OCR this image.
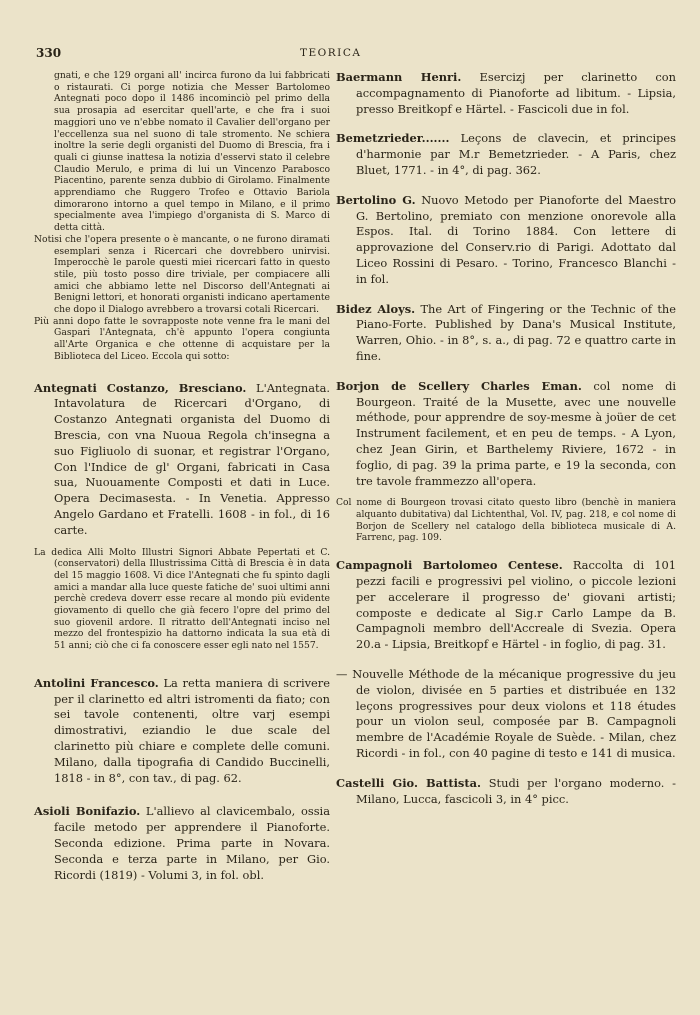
330	TEORICA

gnati, e che 129 organi all' incirca furono da lui fabbricati o ristaurati. Ci porge notizia che Messer Bartolomeo Antegnati poco dopo il 1486 incominciò pel primo della sua prosapia ad esercitar quell'arte, e che fra i suoi maggiori uno ve n'ebbe nomato il Cavalier dell'organo per l'eccellenza sua nel suono di tale stromento. Ne schiera inoltre la serie degli organisti del Duomo di Brescia, fra i quali ci giunse inattesa la notizia d'esservi stato il celebre Claudio Merulo, e prima di lui un Vincenzo Parabosco Piacentino, parente senza dubbio di Girolamo. Finalmente apprendiamo che Ruggero Trofeo e Ottavio Bariola dimorarono intorno a quel tempo in Milano, e il primo specialmente avea l'impiego d'organista di S. Marco di detta città.

Notisi che l'opera presente o è mancante, o ne furono diramati esemplari senza i Ricercari che dovrebbero unirvisi. Imperocchè le parole questi miei ricercari fatto in questo stile, più tosto posso dire triviale, per compiacere alli amici che abbiamo lette nel Discorso dell'Antegnati ai Benigni lettori, et honorati organisti indicano apertamente che dopo il Dialogo avrebbero a trovarsi cotali Ricercari.

Più anni dopo fatte le sovrapposte note venne fra le mani del Gaspari l'Antegnata, ch'è appunto l'opera congiunta all'Arte Organica e che ottenne di acquistare per la Biblioteca del Liceo. Eccola qui sotto:

Antegnati Costanzo, Bresciano. L'Antegnata. Intavolatura de Ricercari d'Organo, di Costanzo Antegnati organista del Duomo di Brescia, con vna Nuoua Regola ch'insegna a suo Figliuolo di suonar, et registrar l'Organo, Con l'Indice de gl' Organi, fabricati in Casa sua, Nuouamente Composti et dati in Luce. Opera Decimasesta. - In Venetia. Appresso Angelo Gardano et Fratelli. 1608 - in fol., di 16 carte.

La dedica Alli Molto Illustri Signori Abbate Pepertati et C. (conservatori) della Illustrissima Città di Brescia è in data del 15 maggio 1608. Vi dice l'Antegnati che fu spinto dagli amici a mandar alla luce queste fatiche de' suoi ultimi anni perchè credeva doverr esse recare al mondo più evidente giovamento di quello che già fecero l'opre del primo del suo giovenil ardore. Il ritratto dell'Antegnati inciso nel mezzo del frontespizio ha dattorno indicata la sua età di 51 anni; ciò che ci fa conoscere esser egli nato nel 1557.

Antolini Francesco. La retta maniera di scrivere per il clarinetto ed altri istromenti da fiato; con sei tavole contenenti, oltre varj esempi dimostrativi, eziandio le due scale del clarinetto più chiare e complete delle comuni. Milano, dalla tipografia di Candido Buccinelli, 1818 - in 8°, con tav., di pag. 62.

Asioli Bonifazio. L'allievo al clavicembalo, ossia facile metodo per apprendere il Pianoforte. Seconda edizione. Prima parte in Novara. Seconda e terza parte in Milano, per Gio. Ricordi (1819) - Volumi 3, in fol. obl.

Baermann Henri. Esercizj per clarinetto con accompagnamento di Pianoforte ad libitum. - Lipsia, presso Breitkopf e Härtel. - Fascicoli due in fol.

Bemetzrieder....... Leçons de clavecin, et principes d'harmonie par M.r Bemetzrieder. - A Paris, chez Bluet, 1771. - in 4°, di pag. 362.

Bertolino G. Nuovo Metodo per Pianoforte del Maestro G. Bertolino, premiato con menzione onorevole alla Espos. Ital. di Torino 1884. Con lettere di approvazione del Conserv.rio di Parigi. Adottato dal Liceo Rossini di Pesaro. - Torino, Francesco Blanchi - in fol.

Bidez Aloys. The Art of Fingering or the Technic of the Piano-Forte. Published by Dana's Musical Institute, Warren, Ohio. - in 8°, s. a., di pag. 72 e quattro carte in fine.

Borjon de Scellery Charles Eman. col nome di Bourgeon. Traité de la Musette, avec une nouvelle méthode, pour apprendre de soy-mesme à joüer de cet Instrument facilement, et en peu de temps. - A Lyon, chez Jean Girin, et Barthelemy Riviere, 1672 - in foglio, di pag. 39 la prima parte, e 19 la seconda, con tre tavole frammezzo all'opera.

Col nome di Bourgeon trovasi citato questo libro (benchè in maniera alquanto dubitativa) dal Lichtenthal, Vol. IV, pag. 218, e col nome di Borjon de Scellery nel catalogo della biblioteca musicale di A. Farrenc, pag. 109.

Campagnoli Bartolomeo Centese. Raccolta di 101 pezzi facili e progressivi pel violino, o piccole lezioni per accelerare il progresso de' giovani artisti; composte e dedicate al Sig.r Carlo Lampe da B. Campagnoli membro dell'Accreale di Svezia. Opera 20.a - Lipsia, Breitkopf e Härtel - in foglio, di pag. 31.

— Nouvelle Méthode de la mécanique progressive du jeu de violon, divisée en 5 parties et distribuée en 132 leçons progressives pour deux violons et 118 études pour un violon seul, composée par B. Campagnoli membre de l'Académie Royale de Suède. - Milan, chez Ricordi - in fol., con 40 pagine di testo e 141 di musica.

Castelli Gio. Battista. Studi per l'organo moderno. - Milano, Lucca, fascicoli 3, in 4° picc.
